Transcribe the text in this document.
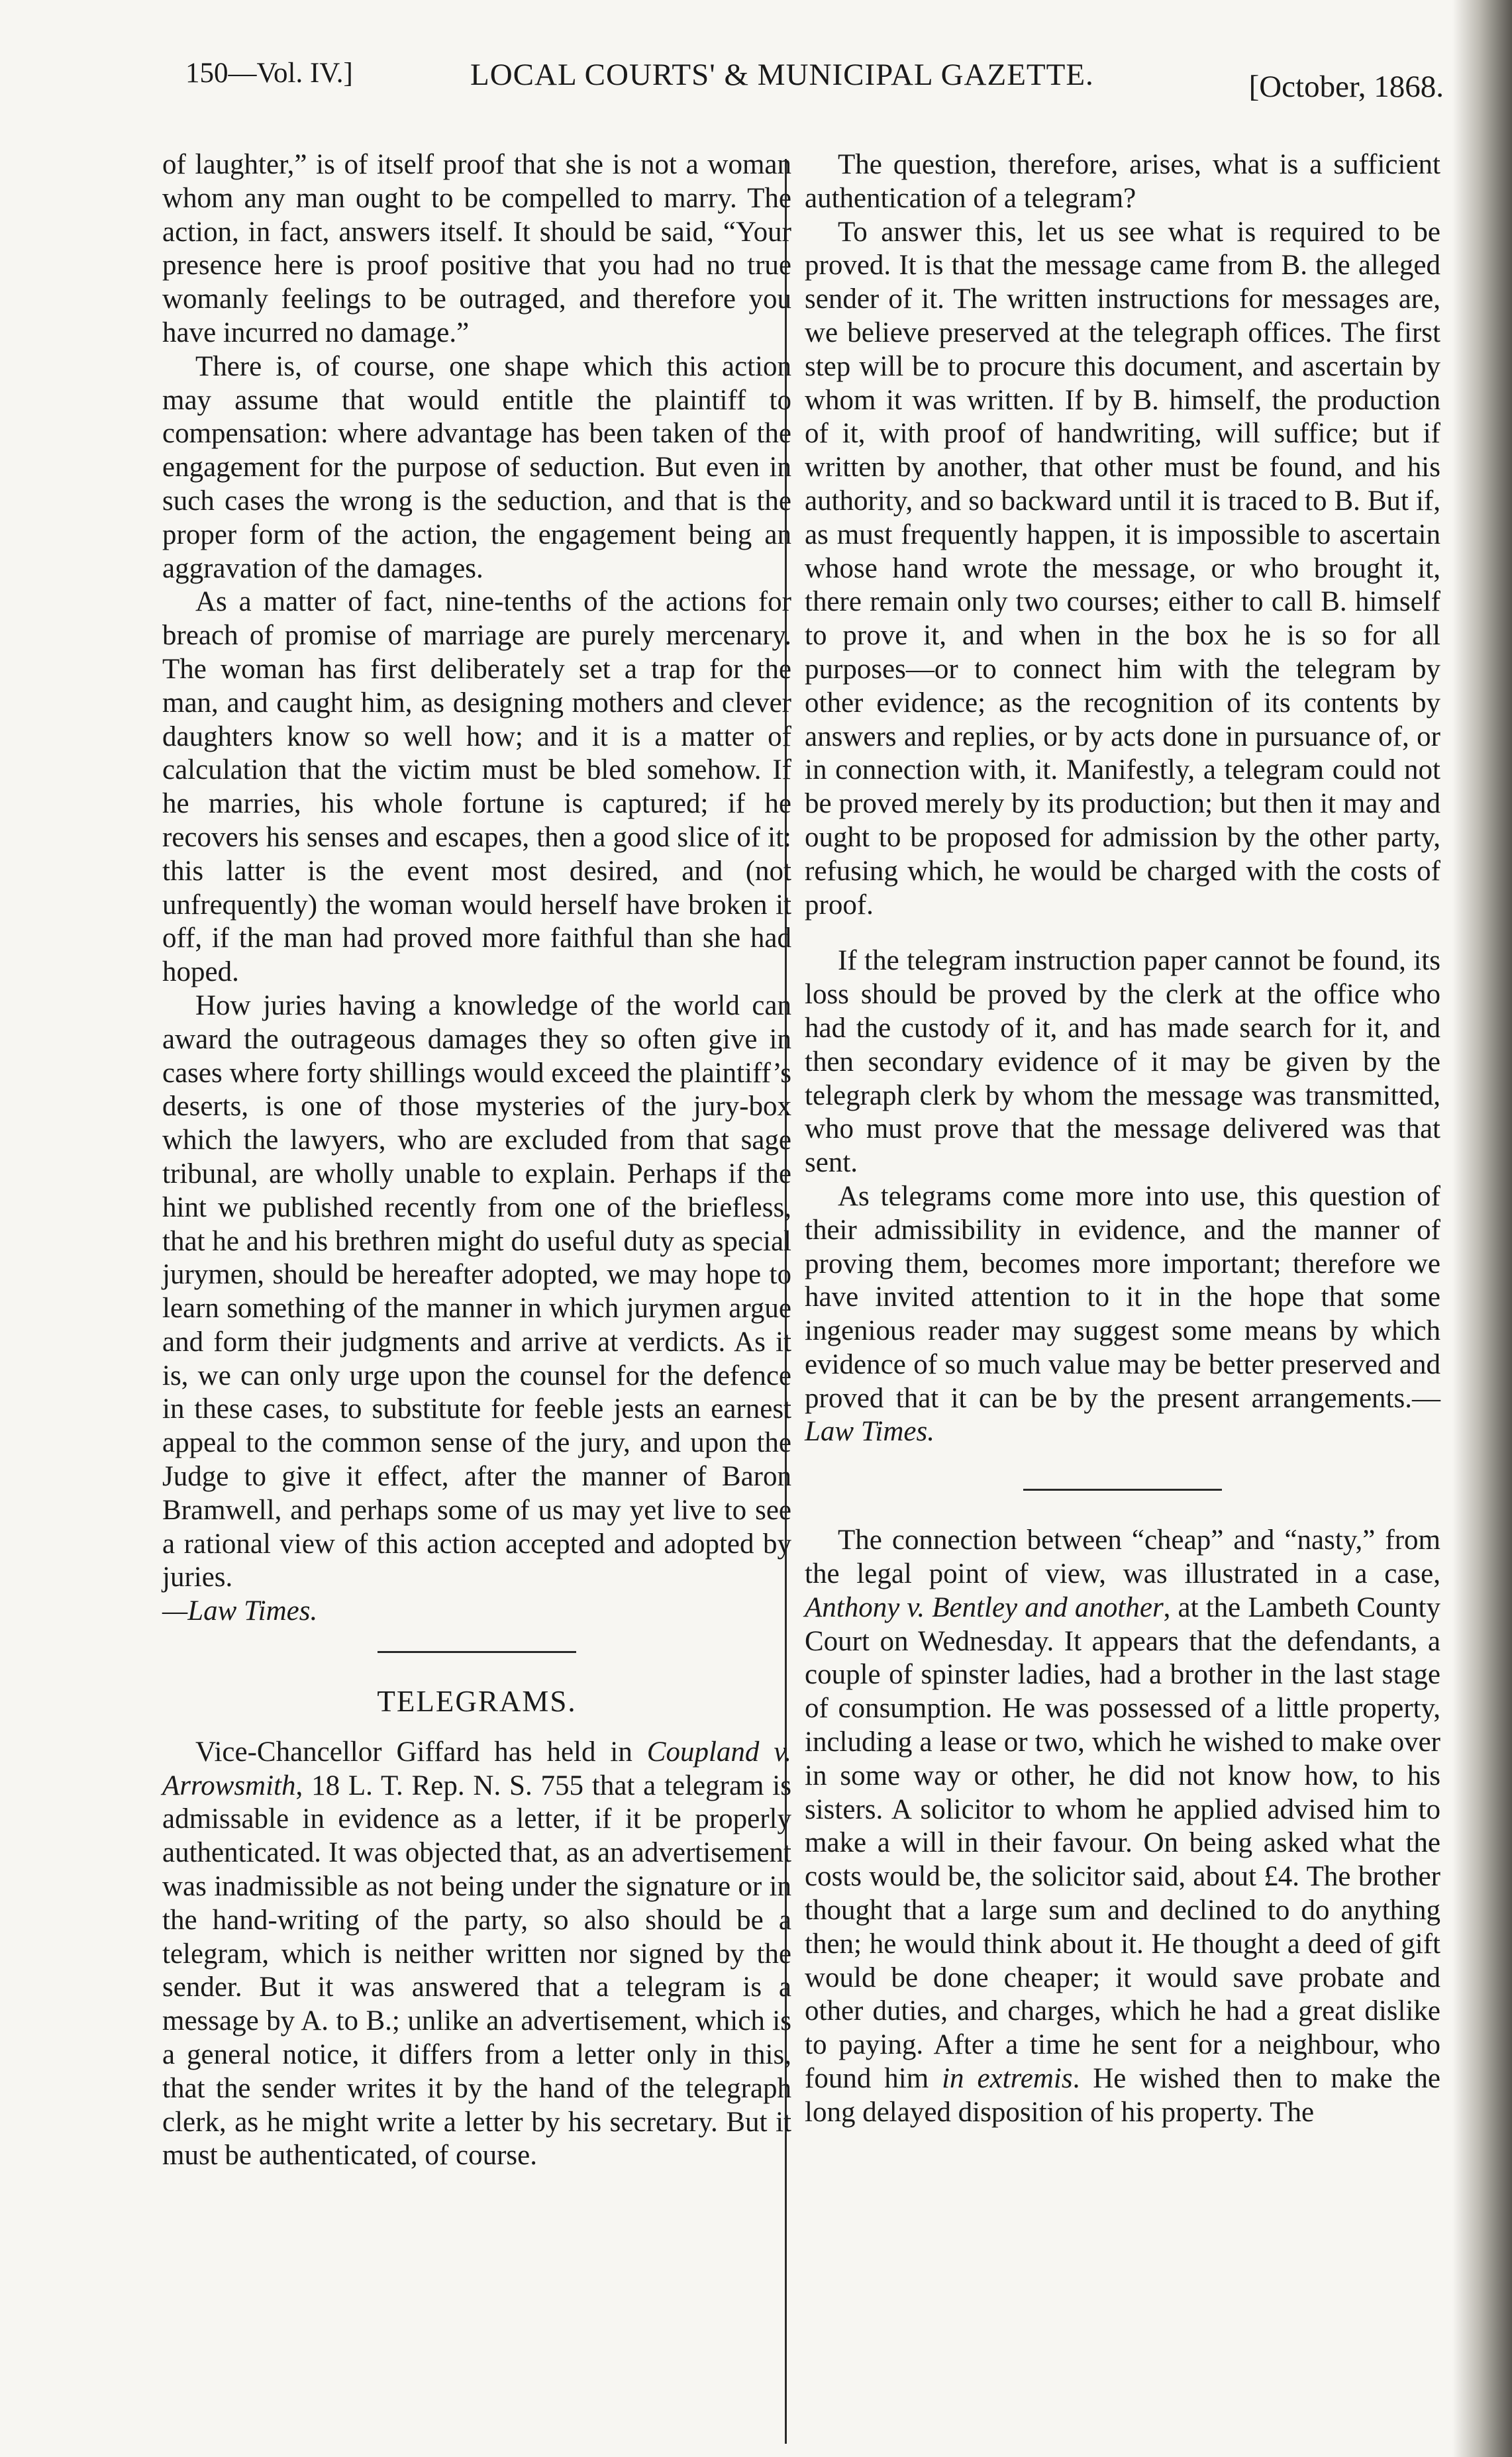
150—Vol. IV.]	LOCAL COURTS' & MUNICIPAL GAZETTE.	[October, 1868.

of laughter,” is of itself proof that she is not a woman whom any man ought to be compelled to marry. The action, in fact, answers itself. It should be said, “Your presence here is proof positive that you had no true womanly feelings to be outraged, and therefore you have incurred no damage.”

There is, of course, one shape which this action may assume that would entitle the plaintiff to compensation: where advantage has been taken of the engagement for the purpose of seduction. But even in such cases the wrong is the seduction, and that is the proper form of the action, the engagement being an aggravation of the damages.

As a matter of fact, nine-tenths of the actions for breach of promise of marriage are purely mercenary. The woman has first deliberately set a trap for the man, and caught him, as designing mothers and clever daughters know so well how; and it is a matter of calculation that the victim must be bled somehow. If he marries, his whole fortune is captured; if he recovers his senses and escapes, then a good slice of it: this latter is the event most desired, and (not unfrequently) the woman would herself have broken it off, if the man had proved more faithful than she had hoped.

How juries having a knowledge of the world can award the outrageous damages they so often give in cases where forty shillings would exceed the plaintiff’s deserts, is one of those mysteries of the jury-box which the lawyers, who are excluded from that sage tribunal, are wholly unable to explain. Perhaps if the hint we published recently from one of the briefless, that he and his brethren might do useful duty as special jurymen, should be hereafter adopted, we may hope to learn something of the manner in which jurymen argue and form their judgments and arrive at verdicts. As it is, we can only urge upon the counsel for the defence in these cases, to substitute for feeble jests an earnest appeal to the common sense of the jury, and upon the Judge to give it effect, after the manner of Baron Bramwell, and perhaps some of us may yet live to see a rational view of this action accepted and adopted by juries.
—Law Times.

TELEGRAMS.

Vice-Chancellor Giffard has held in Coupland v. Arrowsmith, 18 L. T. Rep. N. S. 755 that a telegram is admissable in evidence as a letter, if it be properly authenticated. It was objected that, as an advertisement was inadmissible as not being under the signature or in the hand-writing of the party, so also should be a telegram, which is neither written nor signed by the sender. But it was answered that a telegram is a message by A. to B.; unlike an advertisement, which is a general notice, it differs from a letter only in this, that the sender writes it by the hand of the telegraph clerk, as he might write a letter by his secretary. But it must be authenticated, of course.

The question, therefore, arises, what is a sufficient authentication of a telegram?

To answer this, let us see what is required to be proved. It is that the message came from B. the alleged sender of it. The written instructions for messages are, we believe preserved at the telegraph offices. The first step will be to procure this document, and ascertain by whom it was written. If by B. himself, the production of it, with proof of handwriting, will suffice; but if written by another, that other must be found, and his authority, and so backward until it is traced to B. But if, as must frequently happen, it is impossible to ascertain whose hand wrote the message, or who brought it, there remain only two courses; either to call B. himself to prove it, and when in the box he is so for all purposes—or to connect him with the telegram by other evidence; as the recognition of its contents by answers and replies, or by acts done in pursuance of, or in connection with, it. Manifestly, a telegram could not be proved merely by its production; but then it may and ought to be proposed for admission by the other party, refusing which, he would be charged with the costs of proof.

If the telegram instruction paper cannot be found, its loss should be proved by the clerk at the office who had the custody of it, and has made search for it, and then secondary evidence of it may be given by the telegraph clerk by whom the message was transmitted, who must prove that the message delivered was that sent.

As telegrams come more into use, this question of their admissibility in evidence, and the manner of proving them, becomes more important; therefore we have invited attention to it in the hope that some ingenious reader may suggest some means by which evidence of so much value may be better preserved and proved that it can be by the present arrangements.— Law Times.

The connection between “cheap” and “nasty,” from the legal point of view, was illustrated in a case, Anthony v. Bentley and another, at the Lambeth County Court on Wednesday. It appears that the defendants, a couple of spinster ladies, had a brother in the last stage of consumption. He was possessed of a little property, including a lease or two, which he wished to make over in some way or other, he did not know how, to his sisters. A solicitor to whom he applied advised him to make a will in their favour. On being asked what the costs would be, the solicitor said, about £4. The brother thought that a large sum and declined to do anything then; he would think about it. He thought a deed of gift would be done cheaper; it would save probate and other duties, and charges, which he had a great dislike to paying. After a time he sent for a neighbour, who found him in extremis. He wished then to make the long delayed disposition of his property. The
